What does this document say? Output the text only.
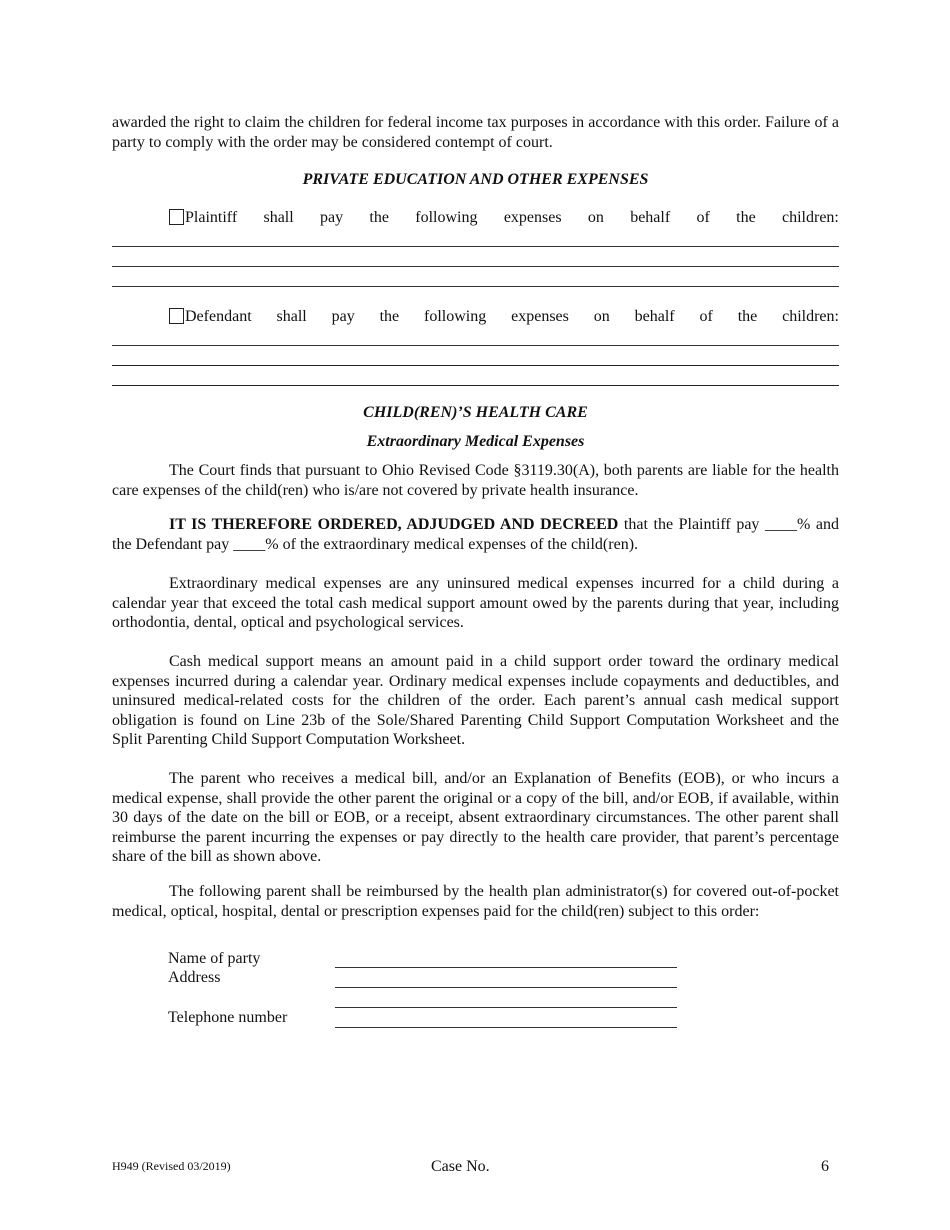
awarded the right to claim the children for federal income tax purposes in accordance with this order. Failure of a party to comply with the order may be considered contempt of court.
PRIVATE EDUCATION AND OTHER EXPENSES
Plaintiff shall pay the following expenses on behalf of the children:
Defendant shall pay the following expenses on behalf of the children:
CHILD(REN)’S HEALTH CARE
Extraordinary Medical Expenses
The Court finds that pursuant to Ohio Revised Code §3119.30(A), both parents are liable for the health care expenses of the child(ren) who is/are not covered by private health insurance.
IT IS THEREFORE ORDERED, ADJUDGED AND DECREED that the Plaintiff pay ____% and the Defendant pay ____% of the extraordinary medical expenses of the child(ren).
Extraordinary medical expenses are any uninsured medical expenses incurred for a child during a calendar year that exceed the total cash medical support amount owed by the parents during that year, including orthodontia, dental, optical and psychological services.
Cash medical support means an amount paid in a child support order toward the ordinary medical expenses incurred during a calendar year. Ordinary medical expenses include copayments and deductibles, and uninsured medical-related costs for the children of the order. Each parent’s annual cash medical support obligation is found on Line 23b of the Sole/Shared Parenting Child Support Computation Worksheet and the Split Parenting Child Support Computation Worksheet.
The parent who receives a medical bill, and/or an Explanation of Benefits (EOB), or who incurs a medical expense, shall provide the other parent the original or a copy of the bill, and/or EOB, if available, within 30 days of the date on the bill or EOB, or a receipt, absent extraordinary circumstances. The other parent shall reimburse the parent incurring the expenses or pay directly to the health care provider, that parent’s percentage share of the bill as shown above.
The following parent shall be reimbursed by the health plan administrator(s) for covered out-of-pocket medical, optical, hospital, dental or prescription expenses paid for the child(ren) subject to this order:
Name of party
Address
Telephone number
H949 (Revised 03/2019)	Case No.	6
